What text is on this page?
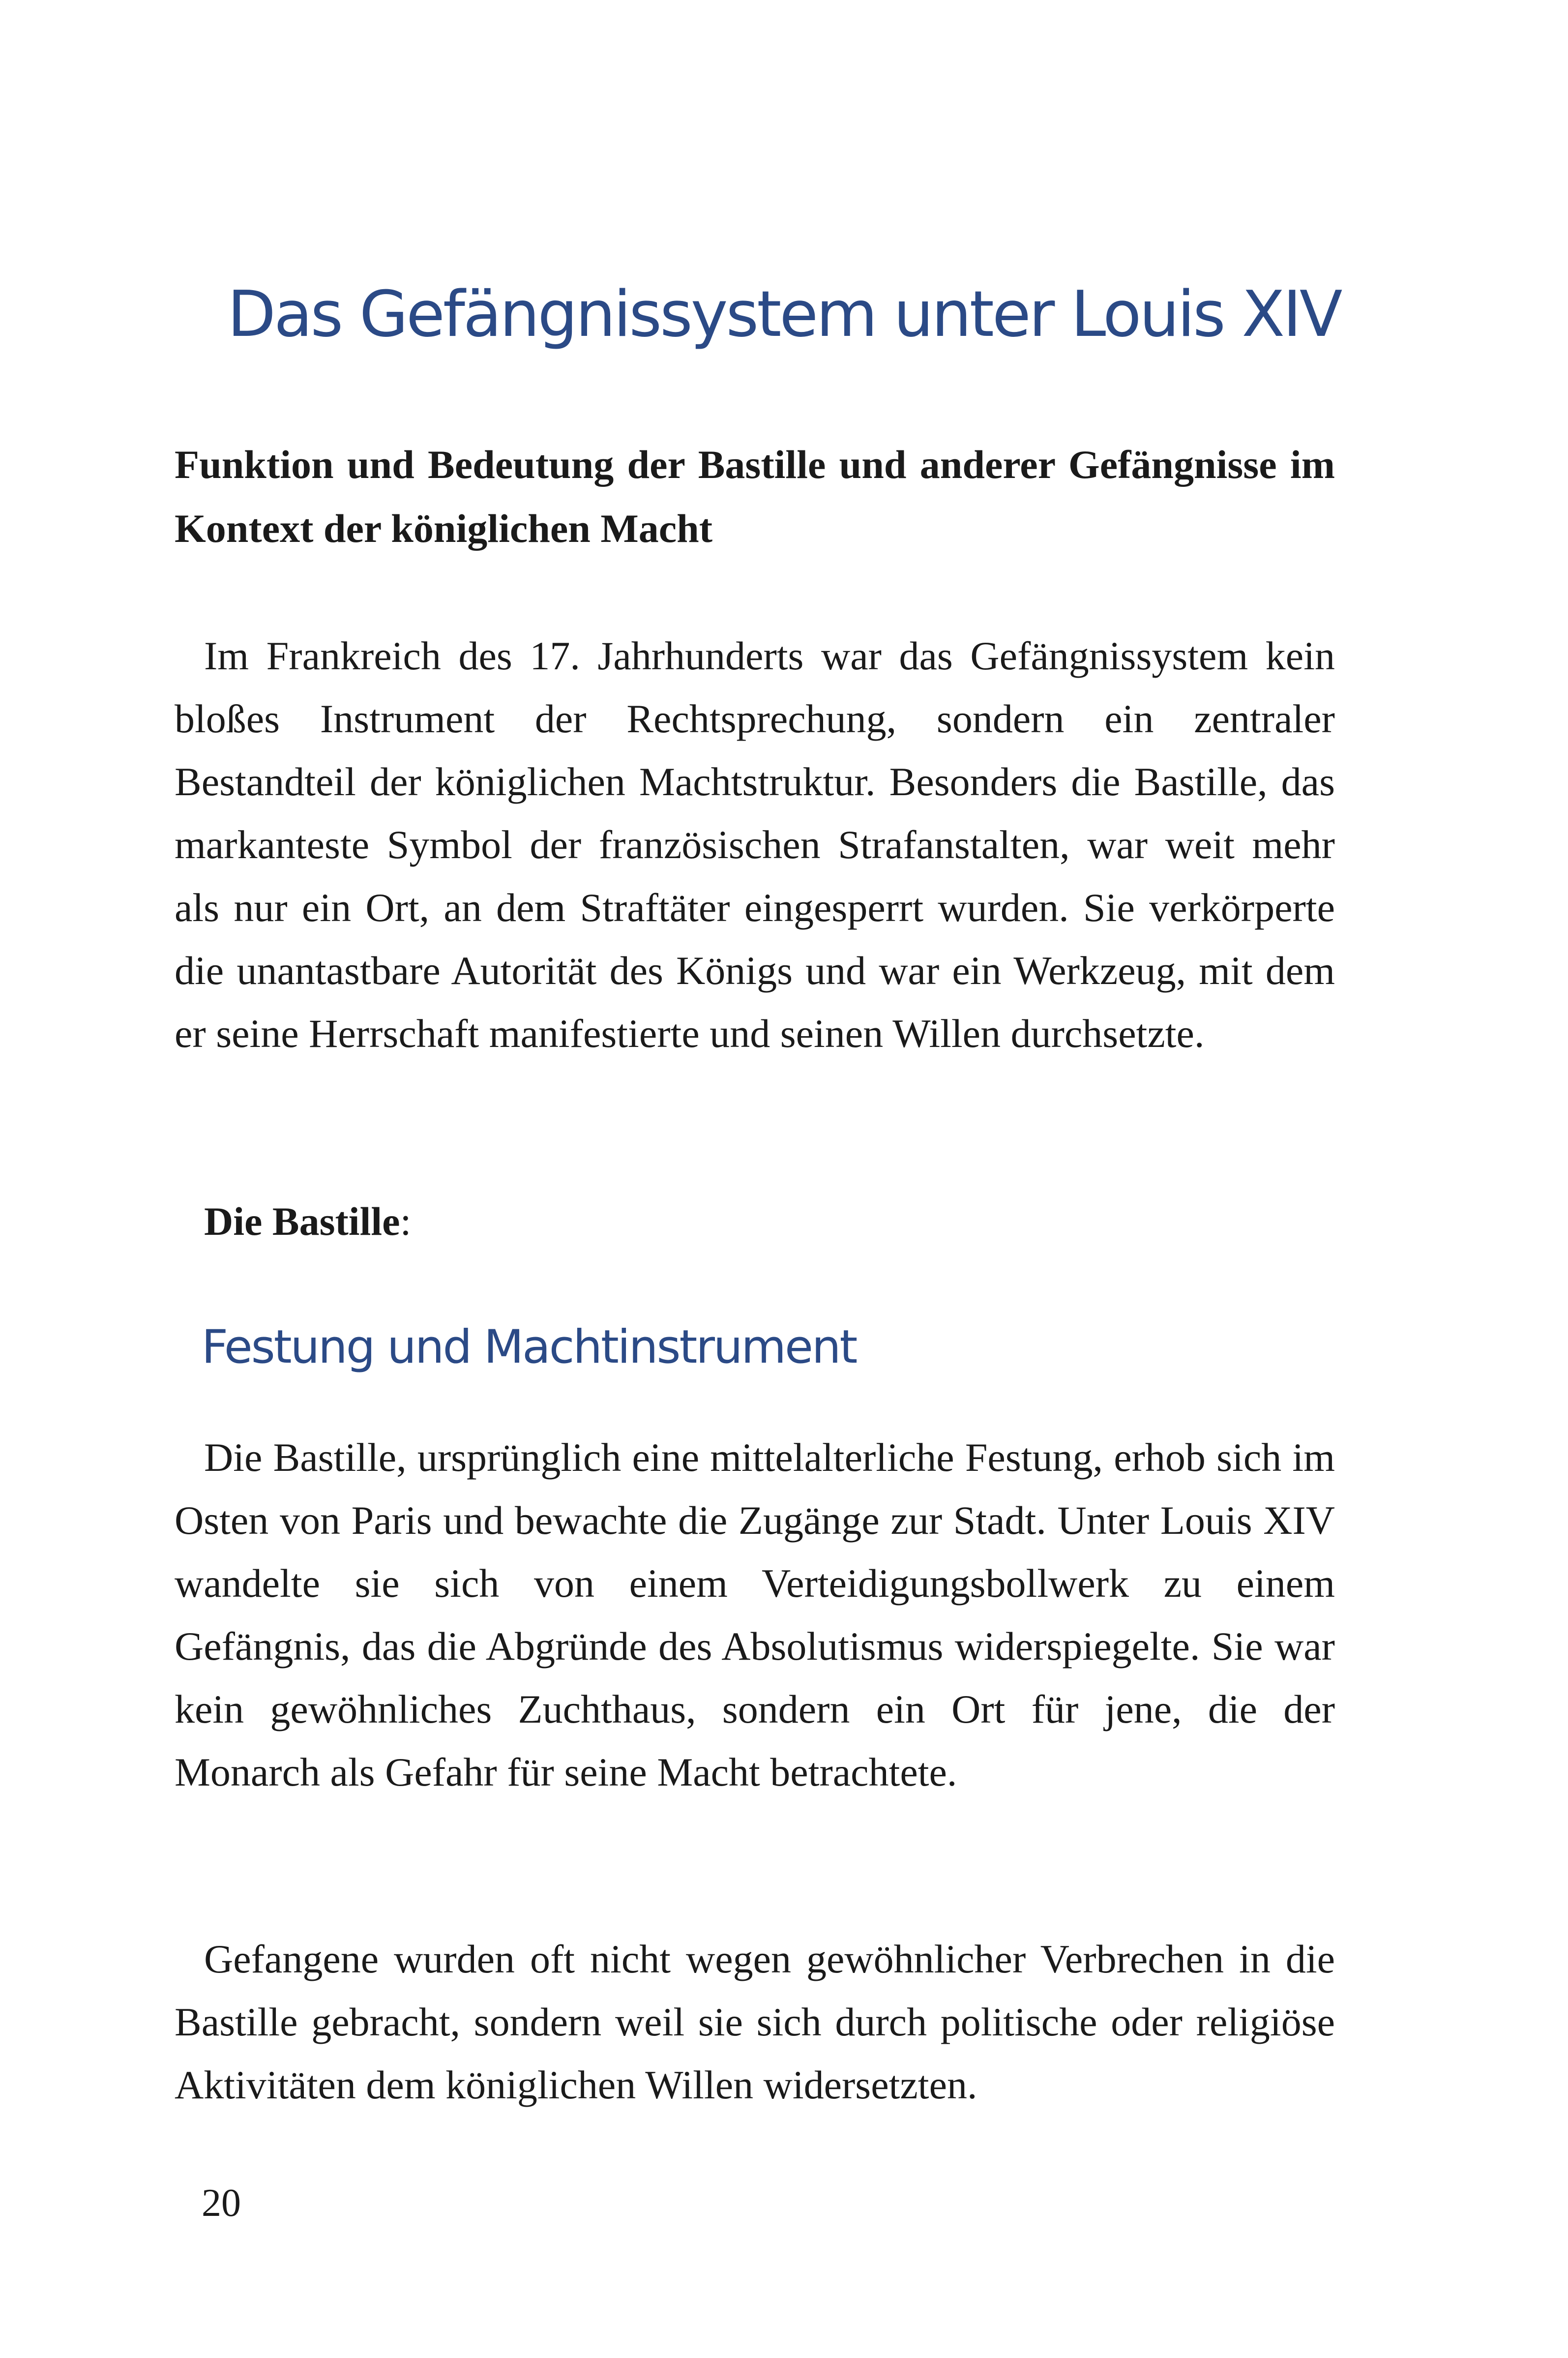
Das Gefängnissystem unter Louis XIV

Funktion und Bedeutung der Bastille und anderer Gefängnisse im Kontext der königlichen Macht

Im Frankreich des 17. Jahrhunderts war das Gefängnissystem kein bloßes Instrument der Rechtsprechung, sondern ein zentraler Bestandteil der königlichen Machtstruktur. Besonders die Bastille, das markanteste Symbol der französischen Strafanstalten, war weit mehr als nur ein Ort, an dem Straftäter eingesperrt wurden. Sie verkörperte die unantastbare Autorität des Königs und war ein Werkzeug, mit dem er seine Herrschaft manifestierte und seinen Willen durchsetzte.

Die Bastille:

Festung und Machtinstrument

Die Bastille, ursprünglich eine mittelalterliche Festung, erhob sich im Osten von Paris und bewachte die Zugänge zur Stadt. Unter Louis XIV wandelte sie sich von einem Verteidigungsbollwerk zu einem Gefängnis, das die Abgründe des Absolutismus widerspiegelte. Sie war kein gewöhnliches Zuchthaus, sondern ein Ort für jene, die der Monarch als Gefahr für seine Macht betrachtete.

Gefangene wurden oft nicht wegen gewöhnlicher Verbrechen in die Bastille gebracht, sondern weil sie sich durch politische oder religiöse Aktivitäten dem königlichen Willen widersetzten.

20
